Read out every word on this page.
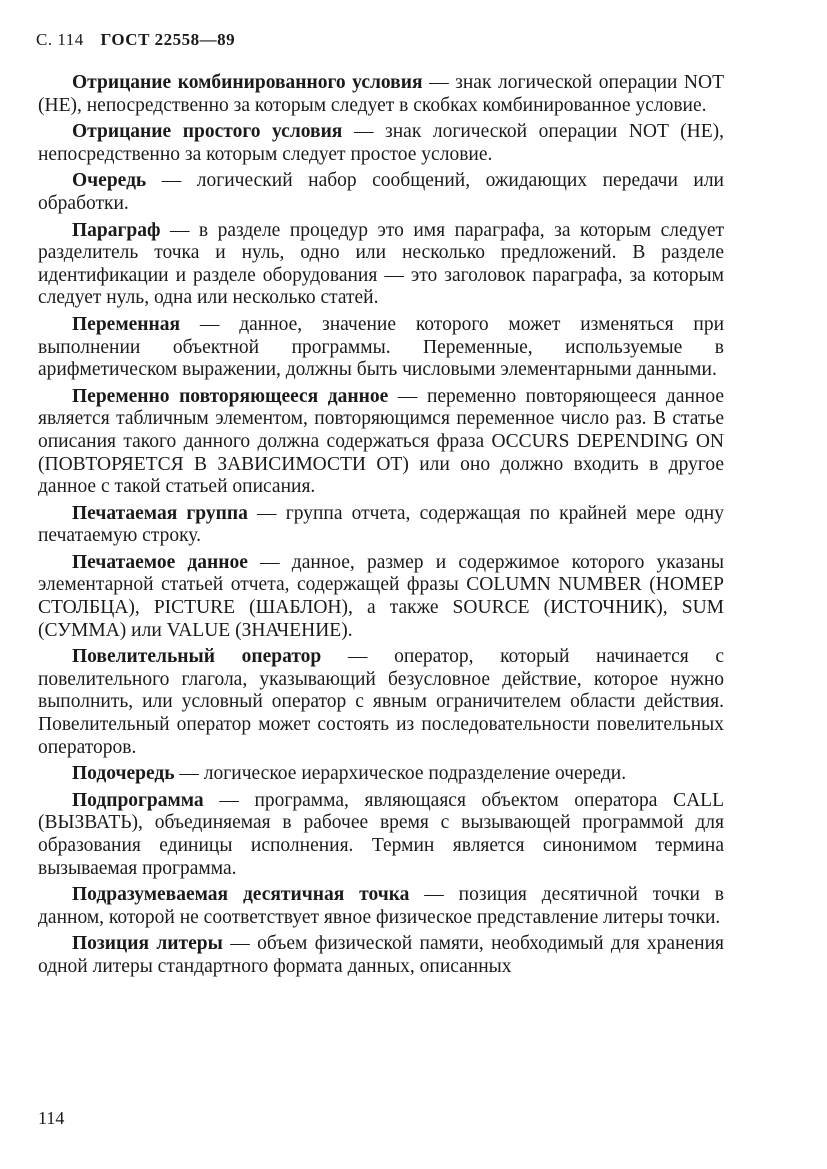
С. 114 ГОСТ 22558—89

Отрицание комбинированного условия — знак логической операции NOT (НЕ), непосредственно за которым следует в скобках комбинированное условие.

Отрицание простого условия — знак логической операции NOT (НЕ), непосредственно за которым следует простое условие.

Очередь — логический набор сообщений, ожидающих передачи или обработки.

Параграф — в разделе процедур это имя параграфа, за которым следует разделитель точка и нуль, одно или несколько предложений. В разделе идентификации и разделе оборудования — это заголовок параграфа, за которым следует нуль, одна или несколько статей.

Переменная — данное, значение которого может изменяться при выполнении объектной программы. Переменные, используемые в арифметическом выражении, должны быть числовыми элементарными данными.

Переменно повторяющееся данное — переменно повторяющееся данное является табличным элементом, повторяющимся переменное число раз. В статье описания такого данного должна содержаться фраза OCCURS DEPENDING ON (ПОВТОРЯЕТСЯ В ЗАВИСИМОСТИ ОТ) или оно должно входить в другое данное с такой статьей описания.

Печатаемая группа — группа отчета, содержащая по крайней мере одну печатаемую строку.

Печатаемое данное — данное, размер и содержимое которого указаны элементарной статьей отчета, содержащей фразы COLUMN NUMBER (НОМЕР СТОЛБЦА), PICTURE (ШАБЛОН), а также SOURCE (ИСТОЧНИК), SUM (СУММА) или VALUE (ЗНАЧЕНИЕ).

Повелительный оператор — оператор, который начинается с повелительного глагола, указывающий безусловное действие, которое нужно выполнить, или условный оператор с явным ограничителем области действия. Повелительный оператор может состоять из последовательности повелительных операторов.

Подочередь — логическое иерархическое подразделение очереди.

Подпрограмма — программа, являющаяся объектом оператора CALL (ВЫЗВАТЬ), объединяемая в рабочее время с вызывающей программой для образования единицы исполнения. Термин является синонимом термина вызываемая программа.

Подразумеваемая десятичная точка — позиция десятичной точки в данном, которой не соответствует явное физическое представление литеры точки.

Позиция литеры — объем физической памяти, необходимый для хранения одной литеры стандартного формата данных, описанных

114
